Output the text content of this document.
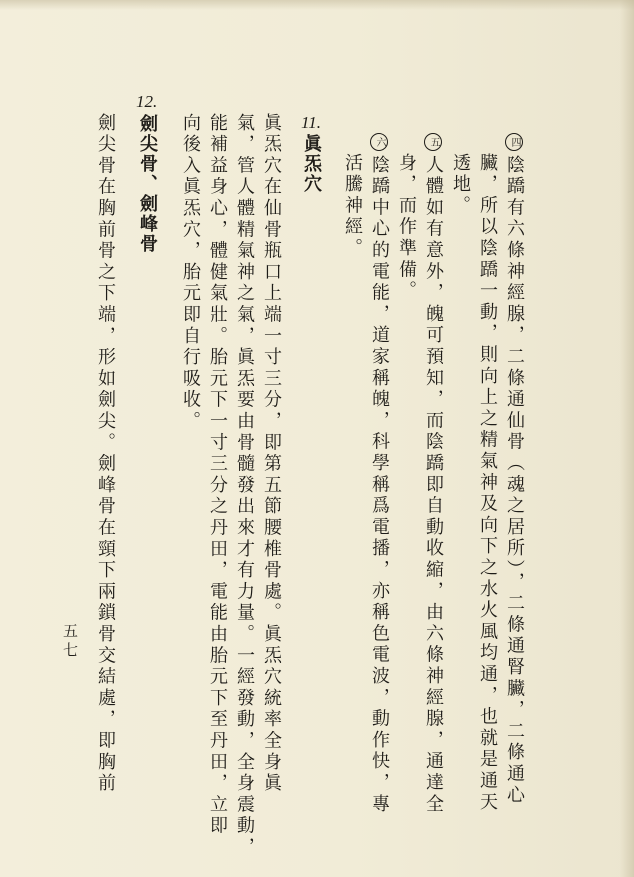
四陰蹻有六條神經腺，二條通仙骨（魂之居所），二條通腎臟，二條通心
臟，所以陰蹻一動，則向上之精氣神及向下之水火風均通，也就是通天
透地。
五人體如有意外，魄可預知，而陰蹻即自動收縮，由六條神經腺，通達全
身，而作準備。
六陰蹻中心的電能，道家稱魄，科學稱爲電播，亦稱色電波，動作快，專
活騰神經。
11.
眞炁穴
眞炁穴在仙骨瓶口上端一寸三分，即第五節腰椎骨處。眞炁穴統率全身眞
氣，管人體精氣神之氣，眞炁要由骨髓發出來才有力量。一經發動，全身震動，
能補益身心，體健氣壯。胎元下一寸三分之丹田，電能由胎元下至丹田，立即
向後入眞炁穴，胎元即自行吸收。
12.
劍尖骨、劍峰骨
劍尖骨在胸前骨之下端，形如劍尖。劍峰骨在頸下兩鎖骨交結處，即胸前
五七
